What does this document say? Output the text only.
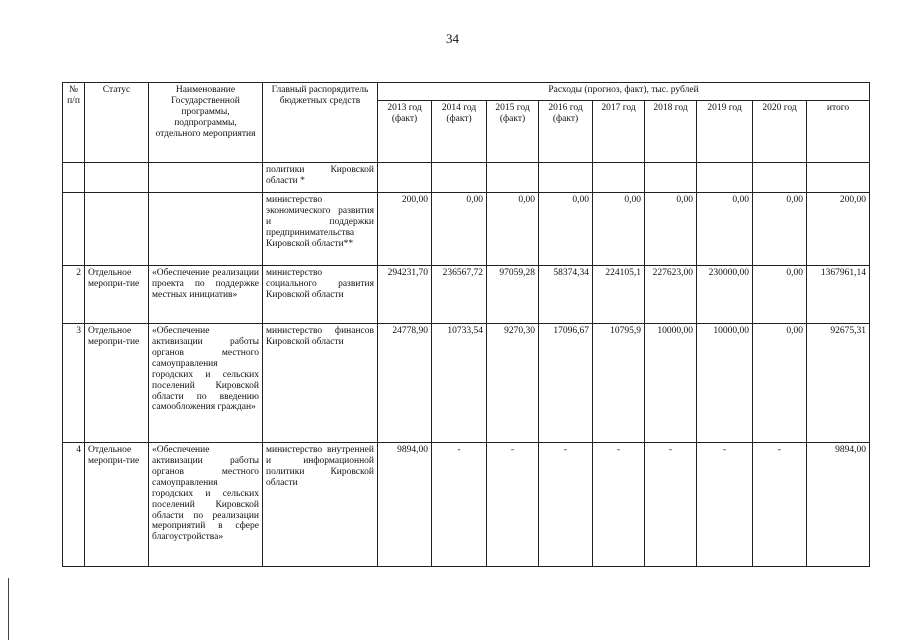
34
№ п/п	Статус	Наименование Государственной программы, подпрограммы, отдельного мероприятия	Главный распорядитель бюджетных средств	Расходы (прогноз, факт), тыс. рублей								
				2013 год (факт)	2014 год (факт)	2015 год (факт)	2016 год (факт)	2017 год	2018 год	2019 год	2020 год	итого
			политики Кировской области *									
			министерство экономического развития и поддержки предпринимательства Кировской области**	200,00	0,00	0,00	0,00	0,00	0,00	0,00	0,00	200,00
2	Отдельное меропри-тие	«Обеспечение реализации проекта по поддержке местных инициатив»	министерство социального развития Кировской области	294231,70	236567,72	97059,28	58374,34	224105,1	227623,00	230000,00	0,00	1367961,14
3	Отдельное меропри-тие	«Обеспечение активизации работы органов местного самоуправления городских и сельских поселений Кировской области по введению самообложения граждан»	министерство финансов Кировской области	24778,90	10733,54	9270,30	17096,67	10795,9	10000,00	10000,00	0,00	92675,31
4	Отдельное меропри-тие	«Обеспечение активизации работы органов местного самоуправления городских и сельских поселений Кировской области по реализации мероприятий в сфере благоустройства»	министерство внутренней и информационной политики Кировской области	9894,00	-	-	-	-	-	-	-	9894,00
